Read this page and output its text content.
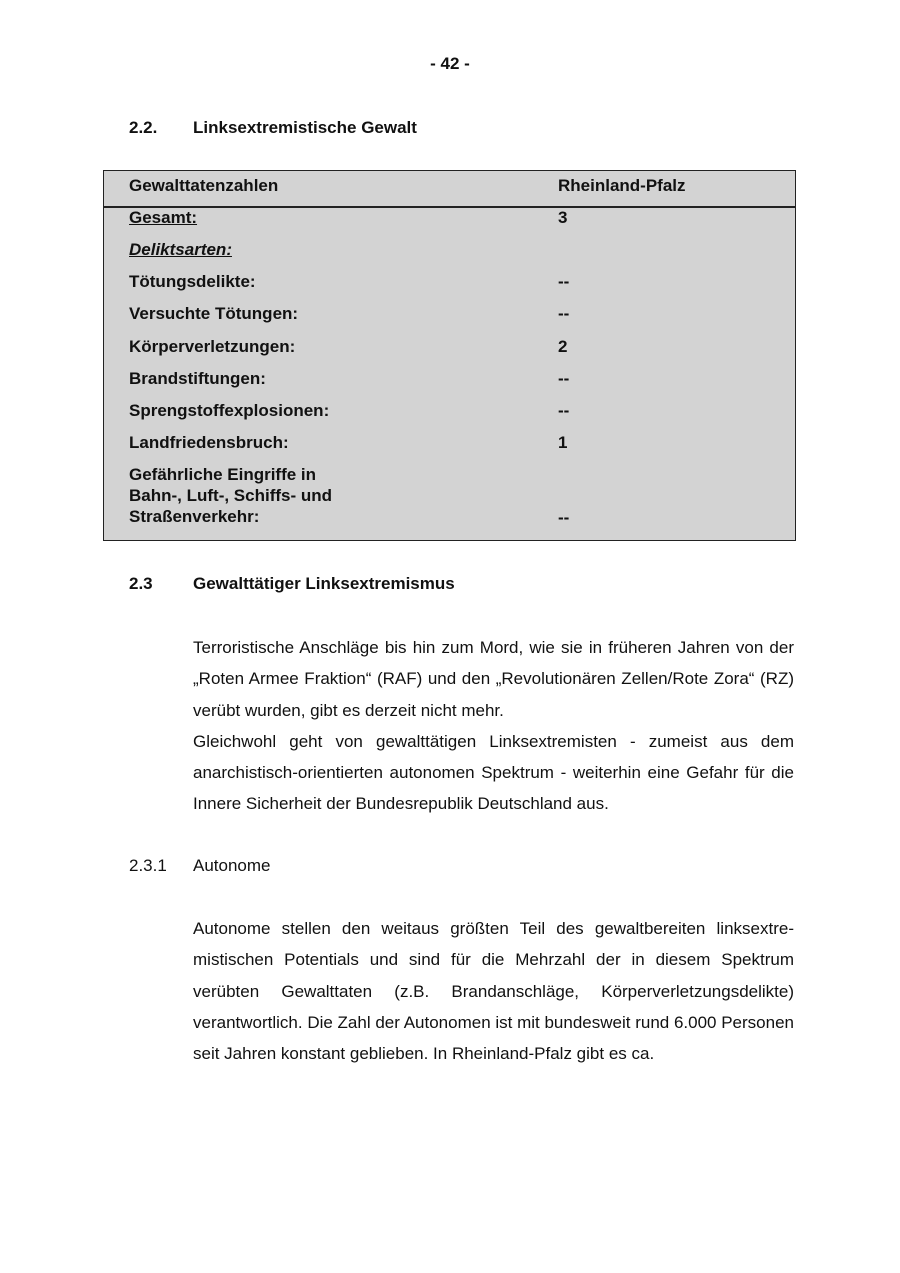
- 42 -
2.2.	Linksextremistische Gewalt
Gewalttatenzahlen	Rheinland-Pfalz
Gesamt:	3
Deliktsarten:
Tötungsdelikte:	--
Versuchte Tötungen:	--
Körperverletzungen:	2
Brandstiftungen:	--
Sprengstoffexplosionen:	--
Landfriedensbruch:	1
Gefährliche Eingriffe in
Bahn-, Luft-, Schiffs- und
Straßenverkehr:	--
2.3	Gewalttätiger Linksextremismus

Terroristische Anschläge bis hin zum Mord, wie sie in früheren Jahren von der „Roten Armee Fraktion“ (RAF) und den „Revolutionären Zellen/Rote Zora“ (RZ) verübt wurden, gibt es derzeit nicht mehr.

Gleichwohl geht von gewalttätigen Linksextremisten - zumeist aus dem anarchistisch-orientierten autonomen Spektrum - weiterhin eine Gefahr für die Innere Sicherheit der Bundesrepublik Deutschland aus.

2.3.1	Autonome

Autonome stellen den weitaus größten Teil des gewaltbereiten linksextre-mistischen Potentials und sind für die Mehrzahl der in diesem Spektrum verübten Gewalttaten (z.B. Brandanschläge, Körperverletzungsdelikte) verantwortlich. Die Zahl der Autonomen ist mit bundesweit rund 6.000 Personen seit Jahren konstant geblieben. In Rheinland-Pfalz gibt es ca.
